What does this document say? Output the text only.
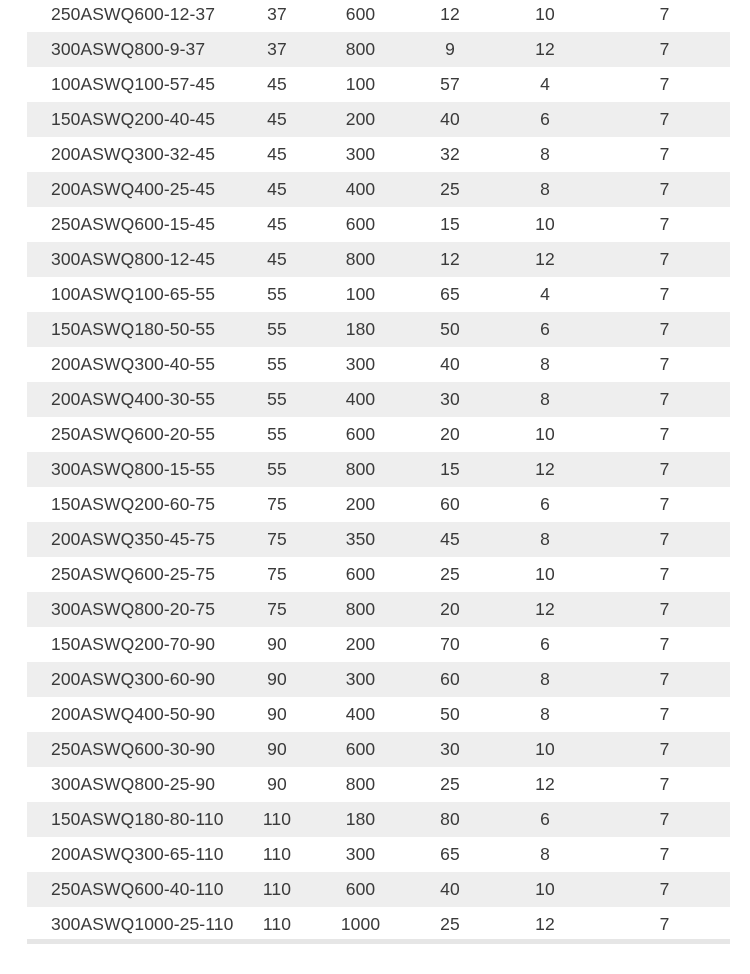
250ASWQ600-12-37	37	600	12	10	7
300ASWQ800-9-37	37	800	9	12	7
100ASWQ100-57-45	45	100	57	4	7
150ASWQ200-40-45	45	200	40	6	7
200ASWQ300-32-45	45	300	32	8	7
200ASWQ400-25-45	45	400	25	8	7
250ASWQ600-15-45	45	600	15	10	7
300ASWQ800-12-45	45	800	12	12	7
100ASWQ100-65-55	55	100	65	4	7
150ASWQ180-50-55	55	180	50	6	7
200ASWQ300-40-55	55	300	40	8	7
200ASWQ400-30-55	55	400	30	8	7
250ASWQ600-20-55	55	600	20	10	7
300ASWQ800-15-55	55	800	15	12	7
150ASWQ200-60-75	75	200	60	6	7
200ASWQ350-45-75	75	350	45	8	7
250ASWQ600-25-75	75	600	25	10	7
300ASWQ800-20-75	75	800	20	12	7
150ASWQ200-70-90	90	200	70	6	7
200ASWQ300-60-90	90	300	60	8	7
200ASWQ400-50-90	90	400	50	8	7
250ASWQ600-30-90	90	600	30	10	7
300ASWQ800-25-90	90	800	25	12	7
150ASWQ180-80-110	110	180	80	6	7
200ASWQ300-65-110	110	300	65	8	7
250ASWQ600-40-110	110	600	40	10	7
300ASWQ1000-25-110	110	1000	25	12	7
